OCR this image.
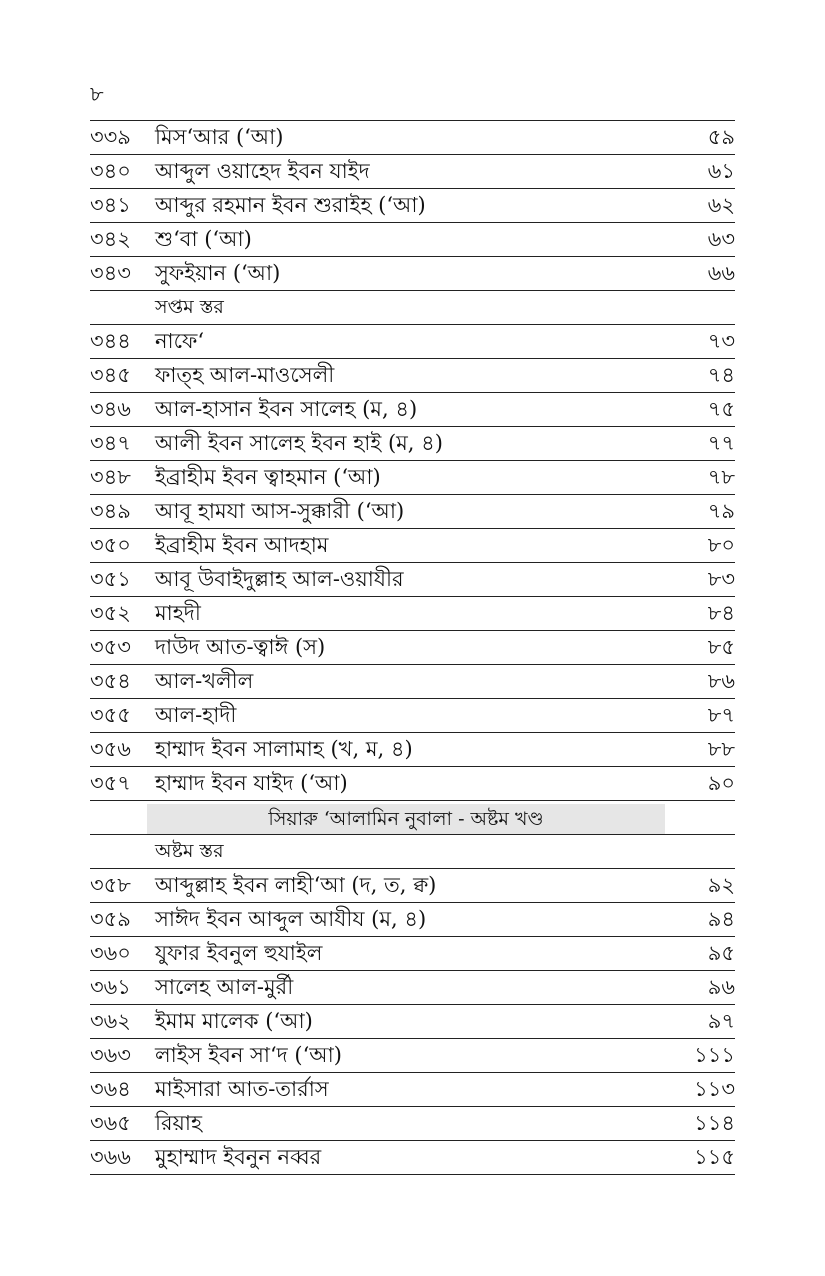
৮
৩৩৯ মিস‘আর (‘আ)	৫৯
৩৪০ আব্দুল ওয়াহেদ ইবন যাইদ	৬১
৩৪১ আব্দুর রহমান ইবন শুরাইহ (‘আ)	৬২
৩৪২ শু‘বা (‘আ)	৬৩
৩৪৩ সুফইয়ান (‘আ)	৬৬
সপ্তম স্তর
৩৪৪ নাফে‘	৭৩
৩৪৫ ফাত্হ আল-মাওসেলী	৭৪
৩৪৬ আল-হাসান ইবন সালেহ (ম, ৪)	৭৫
৩৪৭ আলী ইবন সালেহ ইবন হাই (ম, ৪)	৭৭
৩৪৮ ইব্রাহীম ইবন ত্বাহমান (‘আ)	৭৮
৩৪৯ আবূ হামযা আস-সুক্কারী (‘আ)	৭৯
৩৫০ ইব্রাহীম ইবন আদহাম	৮০
৩৫১ আবূ উবাইদুল্লাহ আল-ওয়াযীর	৮৩
৩৫২ মাহদী	৮৪
৩৫৩ দাউদ আত-ত্বাঈ (স)	৮৫
৩৫৪ আল-খলীল	৮৬
৩৫৫ আল-হাদী	৮৭
৩৫৬ হাম্মাদ ইবন সালামাহ (খ, ম, ৪)	৮৮
৩৫৭ হাম্মাদ ইবন যাইদ (‘আ)	৯০
সিয়ারু ‘আলামিন নুবালা - অষ্টম খণ্ড
অষ্টম স্তর
৩৫৮ আব্দুল্লাহ ইবন লাহী‘আ (দ, ত, ক্ব)	৯২
৩৫৯ সাঈদ ইবন আব্দুল আযীয (ম, ৪)	৯৪
৩৬০ যুফার ইবনুল হুযাইল	৯৫
৩৬১ সালেহ আল-মুর্রী	৯৬
৩৬২ ইমাম মালেক (‘আ)	৯৭
৩৬৩ লাইস ইবন সা‘দ (‘আ)	১১১
৩৬৪ মাইসারা আত-তার্রাস	১১৩
৩৬৫ রিয়াহ	১১৪
৩৬৬ মুহাম্মাদ ইবনুন নব্বর	১১৫
